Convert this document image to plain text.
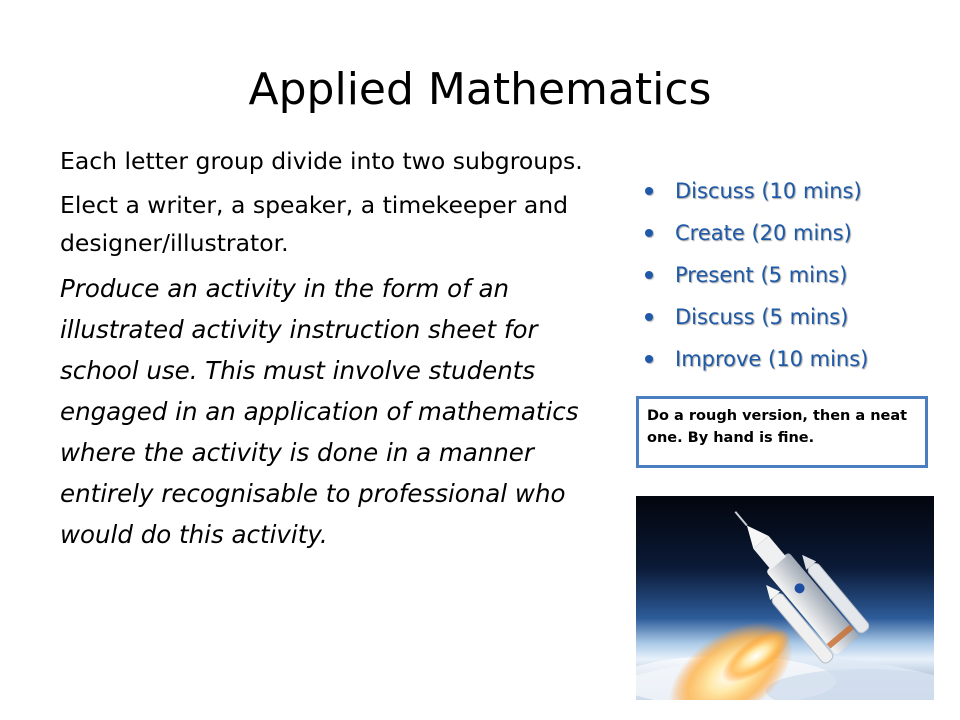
Applied Mathematics

Each letter group divide into two subgroups.

Elect a writer, a speaker, a timekeeper and designer/illustrator.

Produce an activity in the form of an illustrated activity instruction sheet for school use. This must involve students engaged in an application of mathematics where the activity is done in a manner entirely recognisable to professional who would do this activity.

Discuss (10 mins)
Create (20 mins)
Present (5 mins)
Discuss (5 mins)
Improve (10 mins)
Do a rough version, then a neat one. By hand is fine.
